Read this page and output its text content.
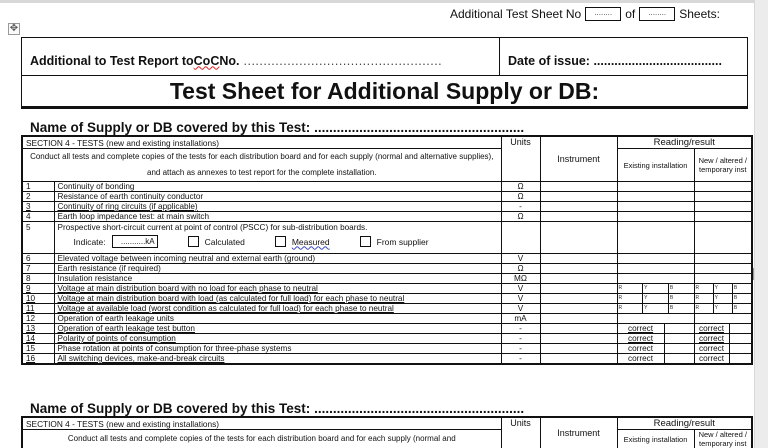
Additional Test Sheet No	........	of	........	Sheets:
✥
Additional to Test Report to CoC No. ..................................................	Date of issue:
.....................................
Test Sheet for Additional Supply or DB:
Name of Supply or DB covered by this Test: ........................................................
SECTION 4 - TESTS (new and existing installations)		Units	Instrument	Reading/result	
Conduct all tests and complete copies of the tests for each distribution board and for each supply (normal and alternative supplies), and attach as annexes to test report for the complete installation.				Existing installation	New / altered / temporary inst

1	Continuity of bonding	Ω			
2	Resistance of earth continuity conductor	Ω			
3	Continuity of ring circuits (if applicable)	-			
4	Earth loop impedance test: at main switch	Ω			
5	Prospective short-circuit current at point of control (PSCC) for sub-distribution boards.
Indicate:	...........kA	Calculated	Measured	From supplier

6	Elevated voltage between incoming neutral and external earth (ground)	V			
7	Earth resistance (if required)	Ω			
8	Insulation resistance	MΩ			
9	Voltage at main distribution board with no load for each phase to neutral	V		R Y B	R Y B

10	Voltage at main distribution board with load (as calculated for full load) for each phase to neutral	V		R Y B	R Y B

11	Voltage at available load (worst condition as calculated for full load) for each phase to neutral	V		R Y B	R Y B

12	Operation of earth leakage units	mA			
13	Operation of earth leakage test button	-		correct	correct

14	Polarity of points of consumption	-		correct	correct

15	Phase rotation at points of consumption for three-phase systems	-		correct	correct

16	All switching devices, make-and-break circuits	-		correct	correct
Name of Supply or DB covered by this Test: ........................................................
SECTION 4 - TESTS (new and existing installations)	Units	Instrument	Reading/result	
Conduct all tests and complete copies of the tests for each distribution board and for each supply (normal and			Existing installation	New / altered / temporary inst
